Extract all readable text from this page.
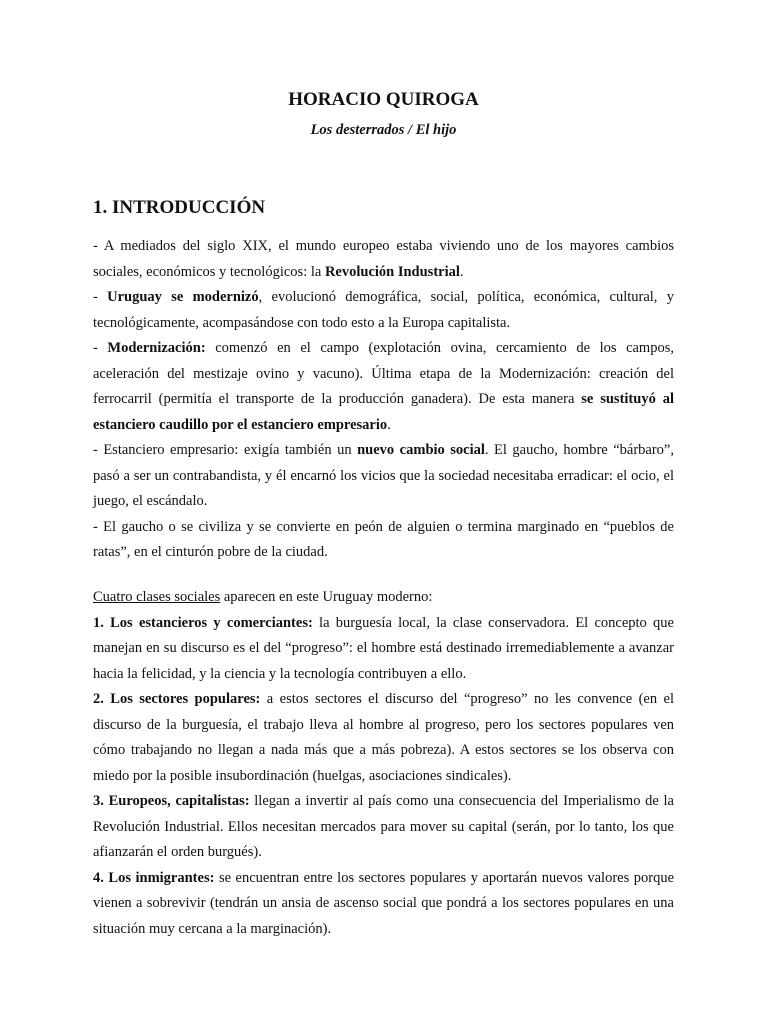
HORACIO QUIROGA

Los desterrados / El hijo

1. INTRODUCCIÓN

- A mediados del siglo XIX, el mundo europeo estaba viviendo uno de los mayores cambios sociales, económicos y tecnológicos: la Revolución Industrial.

- Uruguay se modernizó, evolucionó demográfica, social, política, económica, cultural, y tecnológicamente, acompasándose con todo esto a la Europa capitalista.

- Modernización: comenzó en el campo (explotación ovina, cercamiento de los campos, aceleración del mestizaje ovino y vacuno). Última etapa de la Modernización: creación del ferrocarril (permitía el transporte de la producción ganadera). De esta manera se sustituyó al estanciero caudillo por el estanciero empresario.

- Estanciero empresario: exigía también un nuevo cambio social. El gaucho, hombre “bárbaro”, pasó a ser un contrabandista, y él encarnó los vicios que la sociedad necesitaba erradicar: el ocio, el juego, el escándalo.

- El gaucho o se civiliza y se convierte en peón de alguien o termina marginado en “pueblos de ratas”, en el cinturón pobre de la ciudad.

Cuatro clases sociales aparecen en este Uruguay moderno:

1. Los estancieros y comerciantes: la burguesía local, la clase conservadora. El concepto que manejan en su discurso es el del “progreso”: el hombre está destinado irremediablemente a avanzar hacia la felicidad, y la ciencia y la tecnología contribuyen a ello.

2. Los sectores populares: a estos sectores el discurso del “progreso” no les convence (en el discurso de la burguesía, el trabajo lleva al hombre al progreso, pero los sectores populares ven cómo trabajando no llegan a nada más que a más pobreza). A estos sectores se los observa con miedo por la posible insubordinación (huelgas, asociaciones sindicales).

3. Europeos, capitalistas: llegan a invertir al país como una consecuencia del Imperialismo de la Revolución Industrial. Ellos necesitan mercados para mover su capital (serán, por lo tanto, los que afianzarán el orden burgués).

4. Los inmigrantes: se encuentran entre los sectores populares y aportarán nuevos valores porque vienen a sobrevivir (tendrán un ansia de ascenso social que pondrá a los sectores populares en una situación muy cercana a la marginación).
